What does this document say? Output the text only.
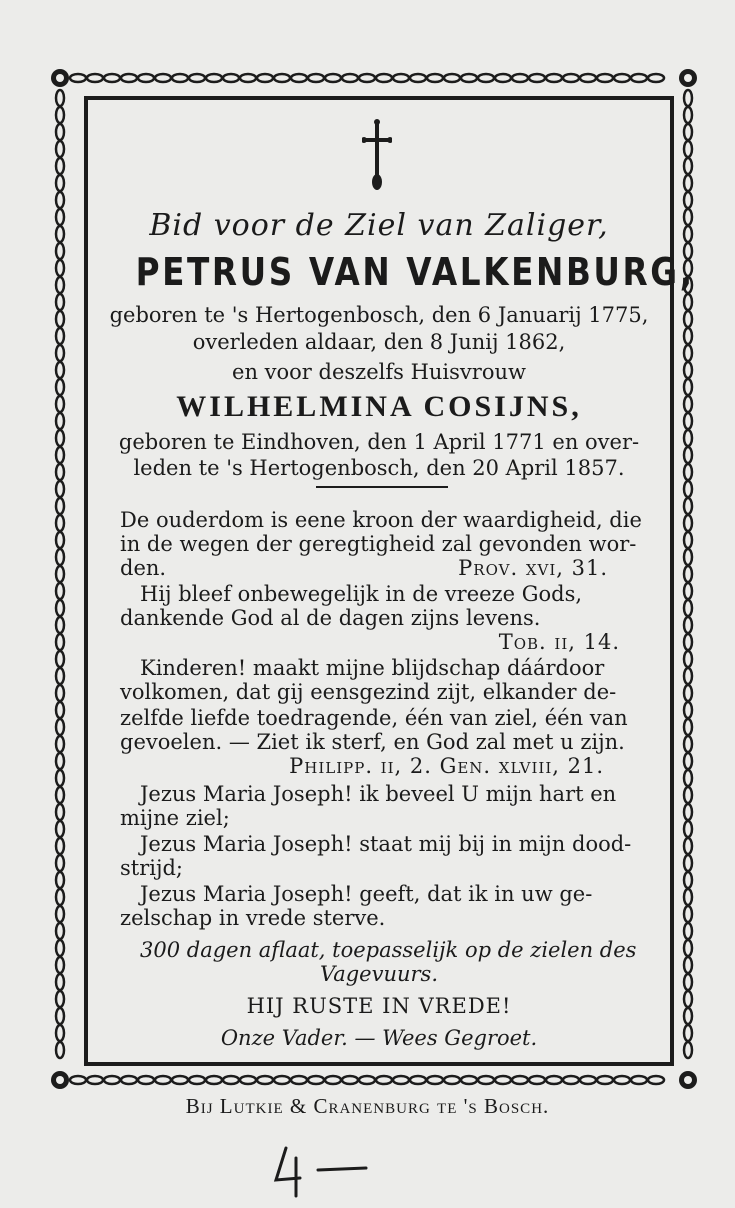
Bid voor de Ziel van Zaliger,
PETRUS VAN VALKENBURG,
geboren te 's Hertogenbosch, den 6 Januarij 1775,
overleden aldaar, den 8 Junij 1862,
en voor deszelfs Huisvrouw
WILHELMINA COSIJNS,
geboren te Eindhoven, den 1 April 1771 en over-
leden te 's Hertogenbosch, den 20 April 1857.
De ouderdom is eene kroon der waardigheid, die
in de wegen der geregtigheid zal gevonden wor-
den.	Prov. xvi, 31.
Hij bleef onbewegelijk in de vreeze Gods,
dankende God al de dagen zijns levens.
Tob. ii, 14.
Kinderen! maakt mijne blijdschap dáárdoor
volkomen, dat gij eensgezind zijt, elkander de-
zelfde liefde toedragende, één van ziel, één van
gevoelen. — Ziet ik sterf, en God zal met u zijn.
Philipp. ii, 2. Gen. xlviii, 21.
Jezus Maria Joseph! ik beveel U mijn hart en
mijne ziel;
Jezus Maria Joseph! staat mij bij in mijn dood-
strijd;
Jezus Maria Joseph! geeft, dat ik in uw ge-
zelschap in vrede sterve.
300 dagen aflaat, toepasselijk op de zielen des
Vagevuurs.
HIJ RUSTE IN VREDE!
Onze Vader. — Wees Gegroet.
Bij Lutkie & Cranenburg te 's Bosch.
